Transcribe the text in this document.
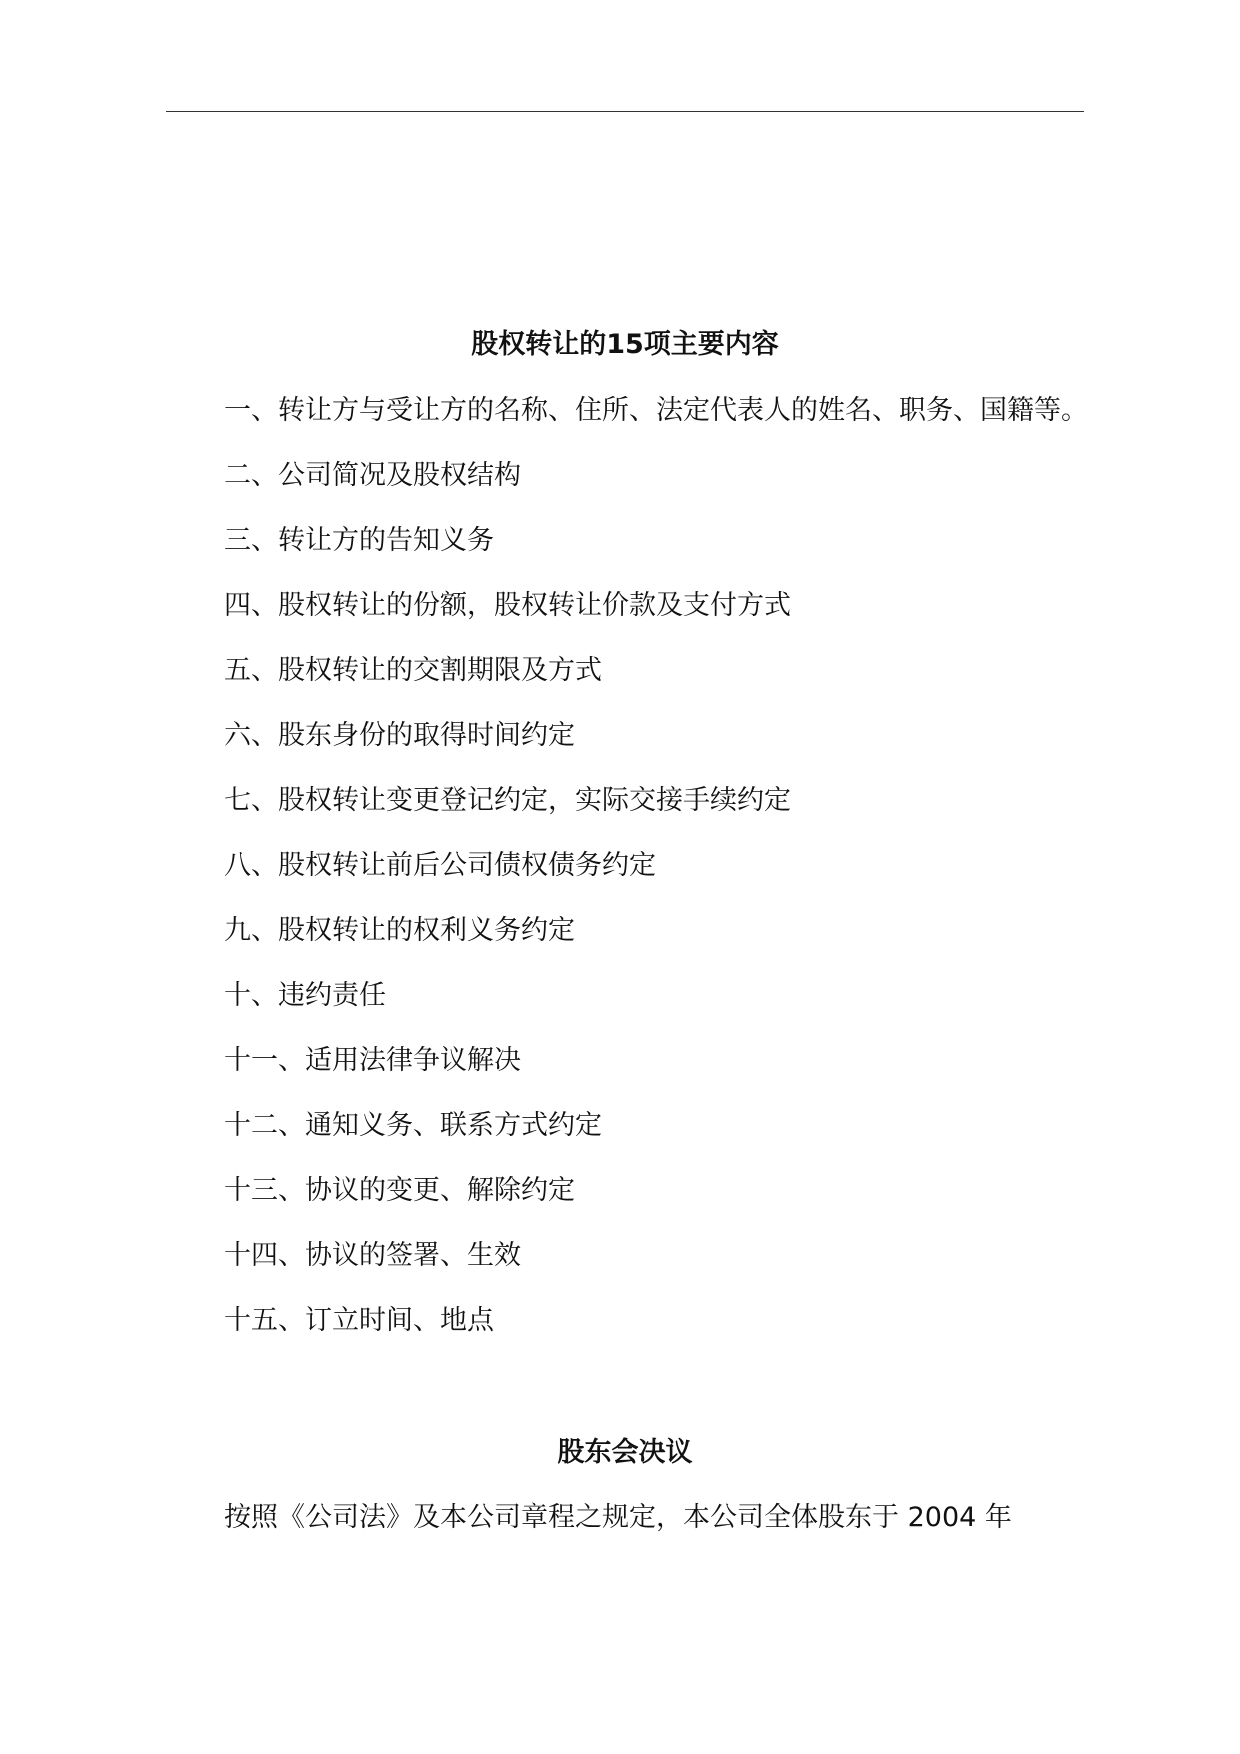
股权转让的15项主要内容
一、转让方与受让方的名称、住所、法定代表人的姓名、职务、国籍等。
二、公司简况及股权结构
三、转让方的告知义务
四、股权转让的份额，股权转让价款及支付方式
五、股权转让的交割期限及方式
六、股东身份的取得时间约定
七、股权转让变更登记约定，实际交接手续约定
八、股权转让前后公司债权债务约定
九、股权转让的权利义务约定
十、违约责任
十一、适用法律争议解决
十二、通知义务、联系方式约定
十三、协议的变更、解除约定
十四、协议的签署、生效
十五、订立时间、地点
股东会决议
按照《公司法》及本公司章程之规定，本公司全体股东于 2004 年
